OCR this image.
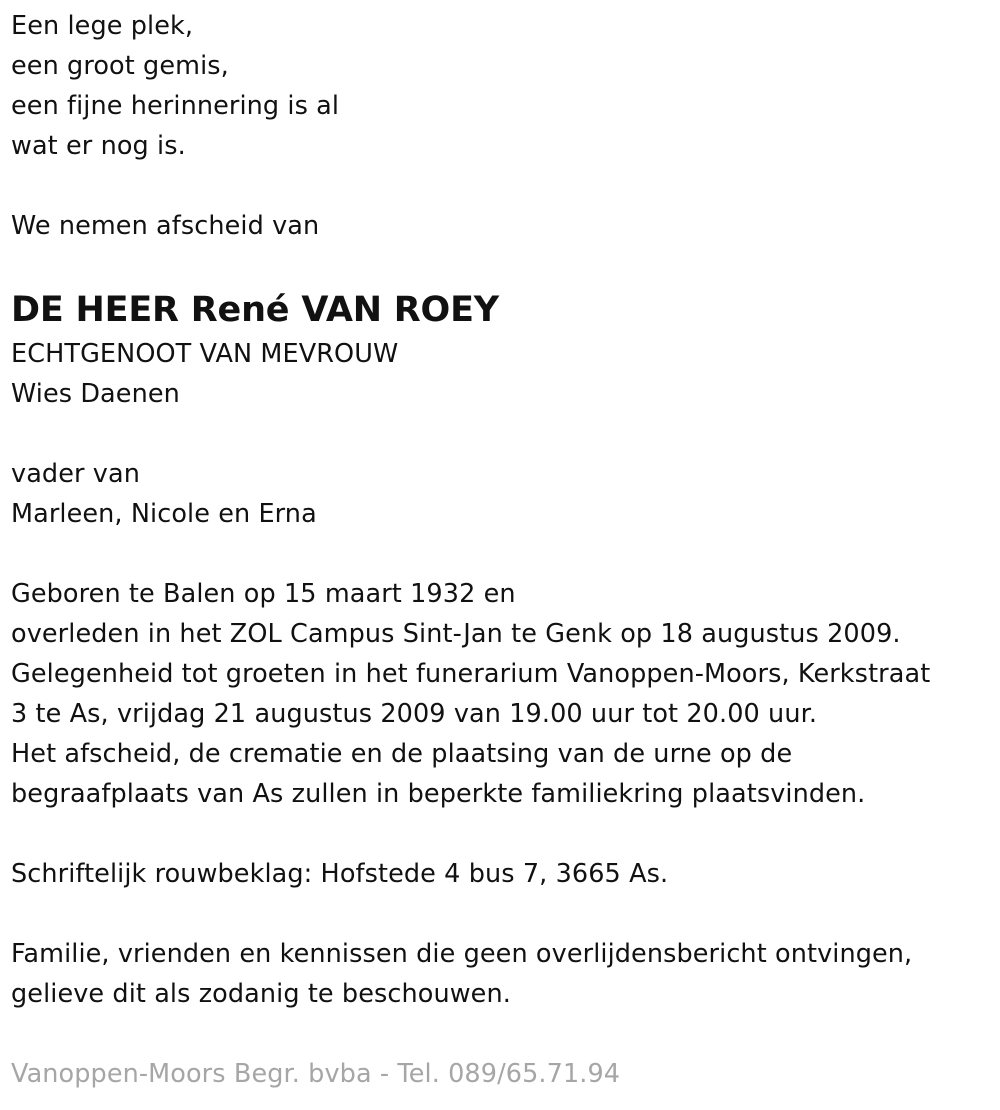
Een lege plek,
een groot gemis,
een fijne herinnering is al
wat er nog is.
We nemen afscheid van
DE HEER René VAN ROEY
ECHTGENOOT VAN MEVROUW
Wies Daenen
vader van
Marleen, Nicole en Erna
Geboren te Balen op 15 maart 1932 en
overleden in het ZOL Campus Sint-Jan te Genk op 18 augustus 2009.
Gelegenheid tot groeten in het funerarium Vanoppen-Moors, Kerkstraat
3 te As, vrijdag 21 augustus 2009 van 19.00 uur tot 20.00 uur.
Het afscheid, de crematie en de plaatsing van de urne op de
begraafplaats van As zullen in beperkte familiekring plaatsvinden.
Schriftelijk rouwbeklag: Hofstede 4 bus 7, 3665 As.
Familie, vrienden en kennissen die geen overlijdensbericht ontvingen,
gelieve dit als zodanig te beschouwen.
Vanoppen-Moors Begr. bvba - Tel. 089/65.71.94
